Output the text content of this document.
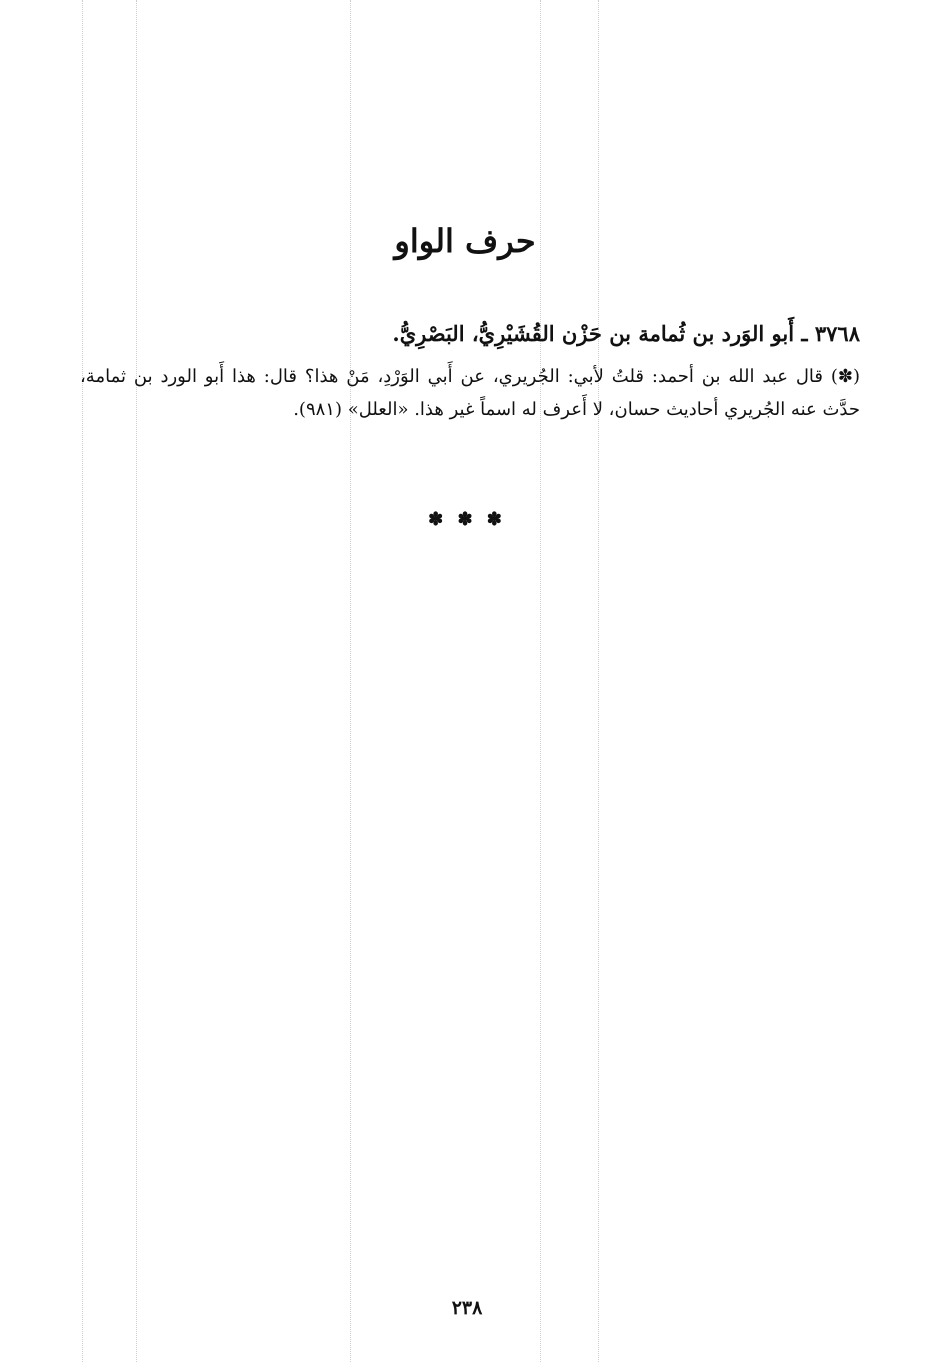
حرف الواو

٣٧٦٨ ـ أَبو الوَرد بن ثُمامة بن حَزْن القُشَيْرِيُّ، البَصْرِيُّ.

(✽) قال عبد الله بن أحمد: قلتُ لأبي: الجُريري، عن أَبي الوَرْدِ، مَنْ هذا؟ قال: هذا أَبو الورد بن ثمامة، حدَّث عنه الجُريري أحاديث حسان، لا أَعرف له اسماً غير هذا. «العلل» (٩٨١).

✽ ✽ ✽
٢٣٨
